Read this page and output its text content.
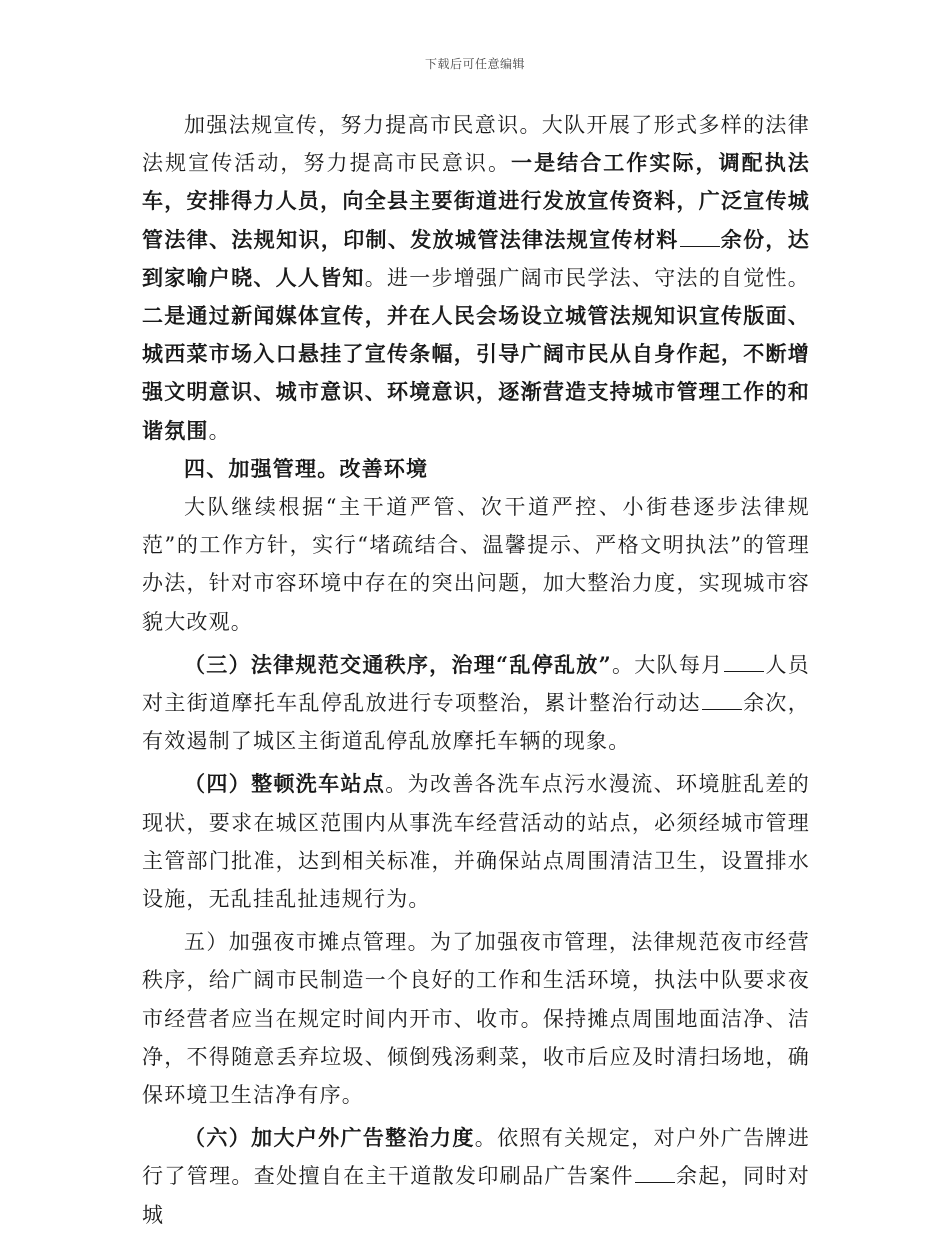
下载后可任意编辑

加强法规宣传，努力提高市民意识。大队开展了形式多样的法律法规宣传活动，努力提高市民意识。一是结合工作实际，调配执法车，安排得力人员，向全县主要街道进行发放宣传资料，广泛宣传城管法律、法规知识，印制、发放城管法律法规宣传材料 余份，达到家喻户晓、人人皆知。进一步增强广阔市民学法、守法的自觉性。二是通过新闻媒体宣传，并在人民会场设立城管法规知识宣传版面、城西菜市场入口悬挂了宣传条幅，引导广阔市民从自身作起，不断增强文明意识、城市意识、环境意识，逐渐营造支持城市管理工作的和谐氛围。

四、加强管理。改善环境

大队继续根据“主干道严管、次干道严控、小街巷逐步法律规范”的工作方针，实行“堵疏结合、温馨提示、严格文明执法”的管理办法，针对市容环境中存在的突出问题，加大整治力度，实现城市容貌大改观。

（三）法律规范交通秩序，治理“乱停乱放”。大队每月 人员对主街道摩托车乱停乱放进行专项整治，累计整治行动达 余次，有效遏制了城区主街道乱停乱放摩托车辆的现象。

（四）整顿洗车站点。为改善各洗车点污水漫流、环境脏乱差的现状，要求在城区范围内从事洗车经营活动的站点，必须经城市管理主管部门批准，达到相关标准，并确保站点周围清洁卫生，设置排水设施，无乱挂乱扯违规行为。

五）加强夜市摊点管理。为了加强夜市管理，法律规范夜市经营秩序，给广阔市民制造一个良好的工作和生活环境，执法中队要求夜市经营者应当在规定时间内开市、收市。保持摊点周围地面洁净、洁净，不得随意丢弃垃圾、倾倒残汤剩菜，收市后应及时清扫场地，确保环境卫生洁净有序。

（六）加大户外广告整治力度。依照有关规定，对户外广告牌进行了管理。查处擅自在主干道散发印刷品广告案件 余起，同时对城
